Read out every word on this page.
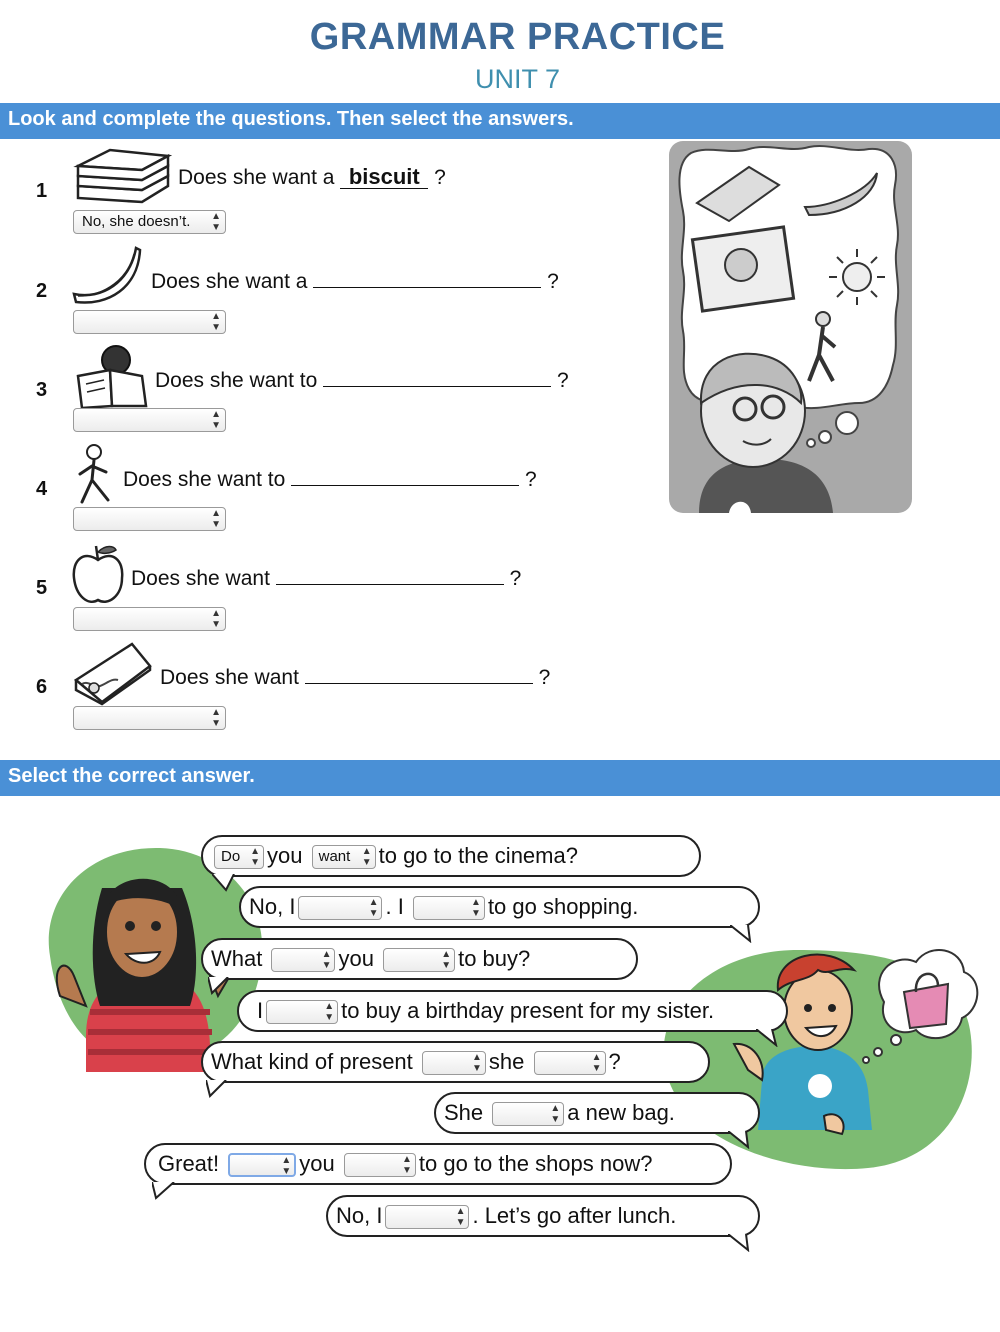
GRAMMAR PRACTICE
UNIT 7
Look and complete the questions. Then select the answers.
1
Does she want a biscuit ?
No, she doesn’t. ▲
▼
2	Does she want a	?
▲
▼
3	Does she want to	?
▲
▼
4	Does she want to	?
▲
▼
5	Does she want	?
▲
▼
6	Does she want	?
▲
▼
Select the correct answer.
Do ▲
▼ you want ▲
▼ to go to the cinema?
No, I	▲
▼ . I	▲
▼ to go shopping.
What	▲
▼ you	▲
▼ to buy?
I	▲
▼ to buy a birthday present for my sister.
What kind of present	▲
▼ she	▲
▼ ?
She	▲
▼ a new bag.
Great!	▲
▼ you	▲
▼ to go to the shops now?
No, I	▲
▼ . Let’s go after lunch.
